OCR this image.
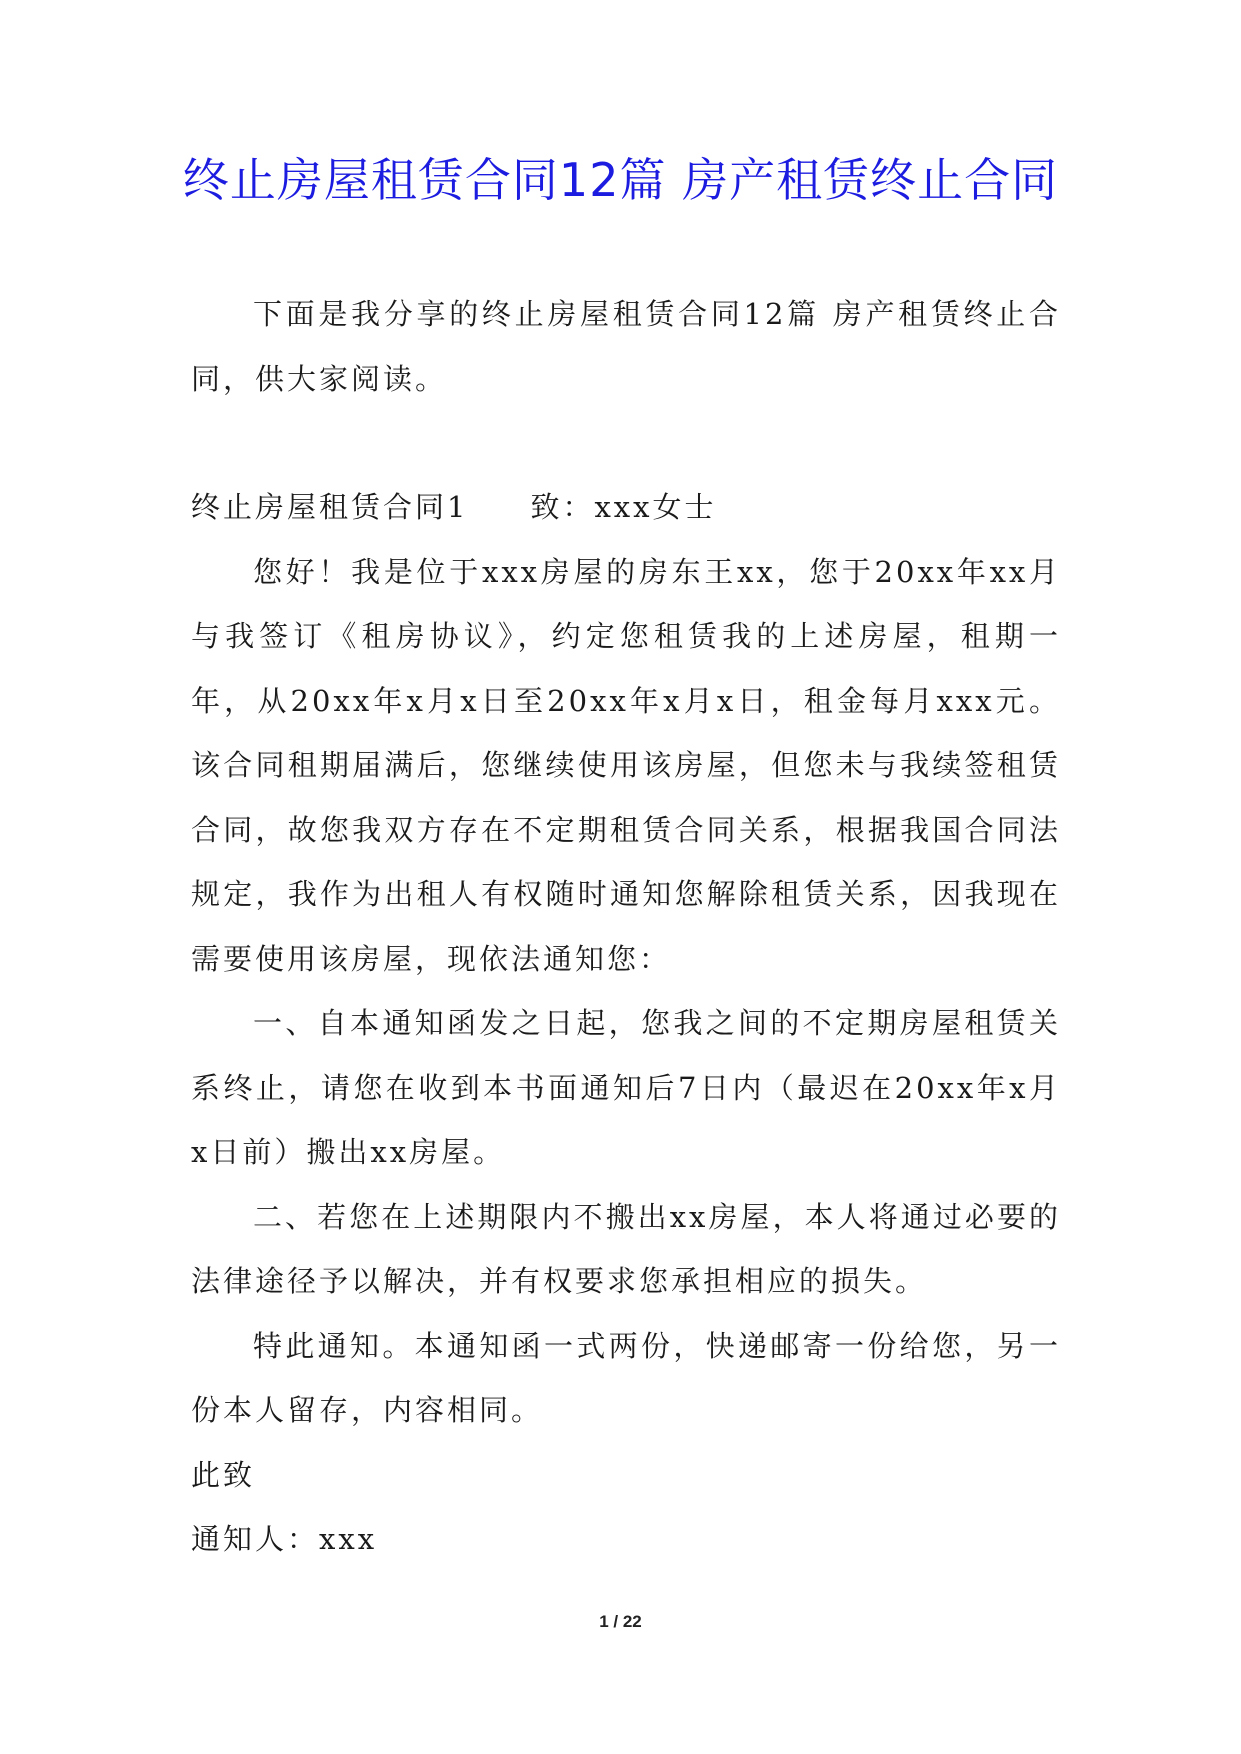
终止房屋租赁合同12篇 房产租赁终止合同

下面是我分享的终止房屋租赁合同12篇 房产租赁终止合同，供大家阅读。

终止房屋租赁合同1 致：xxx女士

您好！我是位于xxx房屋的房东王xx，您于20xx年xx月与我签订《租房协议》，约定您租赁我的上述房屋，租期一年，从20xx年x月x日至20xx年x月x日，租金每月xxx元。该合同租期届满后，您继续使用该房屋，但您未与我续签租赁合同，故您我双方存在不定期租赁合同关系，根据我国合同法规定，我作为出租人有权随时通知您解除租赁关系，因我现在需要使用该房屋，现依法通知您：

一、自本通知函发之日起，您我之间的不定期房屋租赁关系终止，请您在收到本书面通知后7日内（最迟在20xx年x月x日前）搬出xx房屋。

二、若您在上述期限内不搬出xx房屋，本人将通过必要的法律途径予以解决，并有权要求您承担相应的损失。

特此通知。本通知函一式两份，快递邮寄一份给您，另一份本人留存，内容相同。

此致

通知人：xxx

1 / 22
